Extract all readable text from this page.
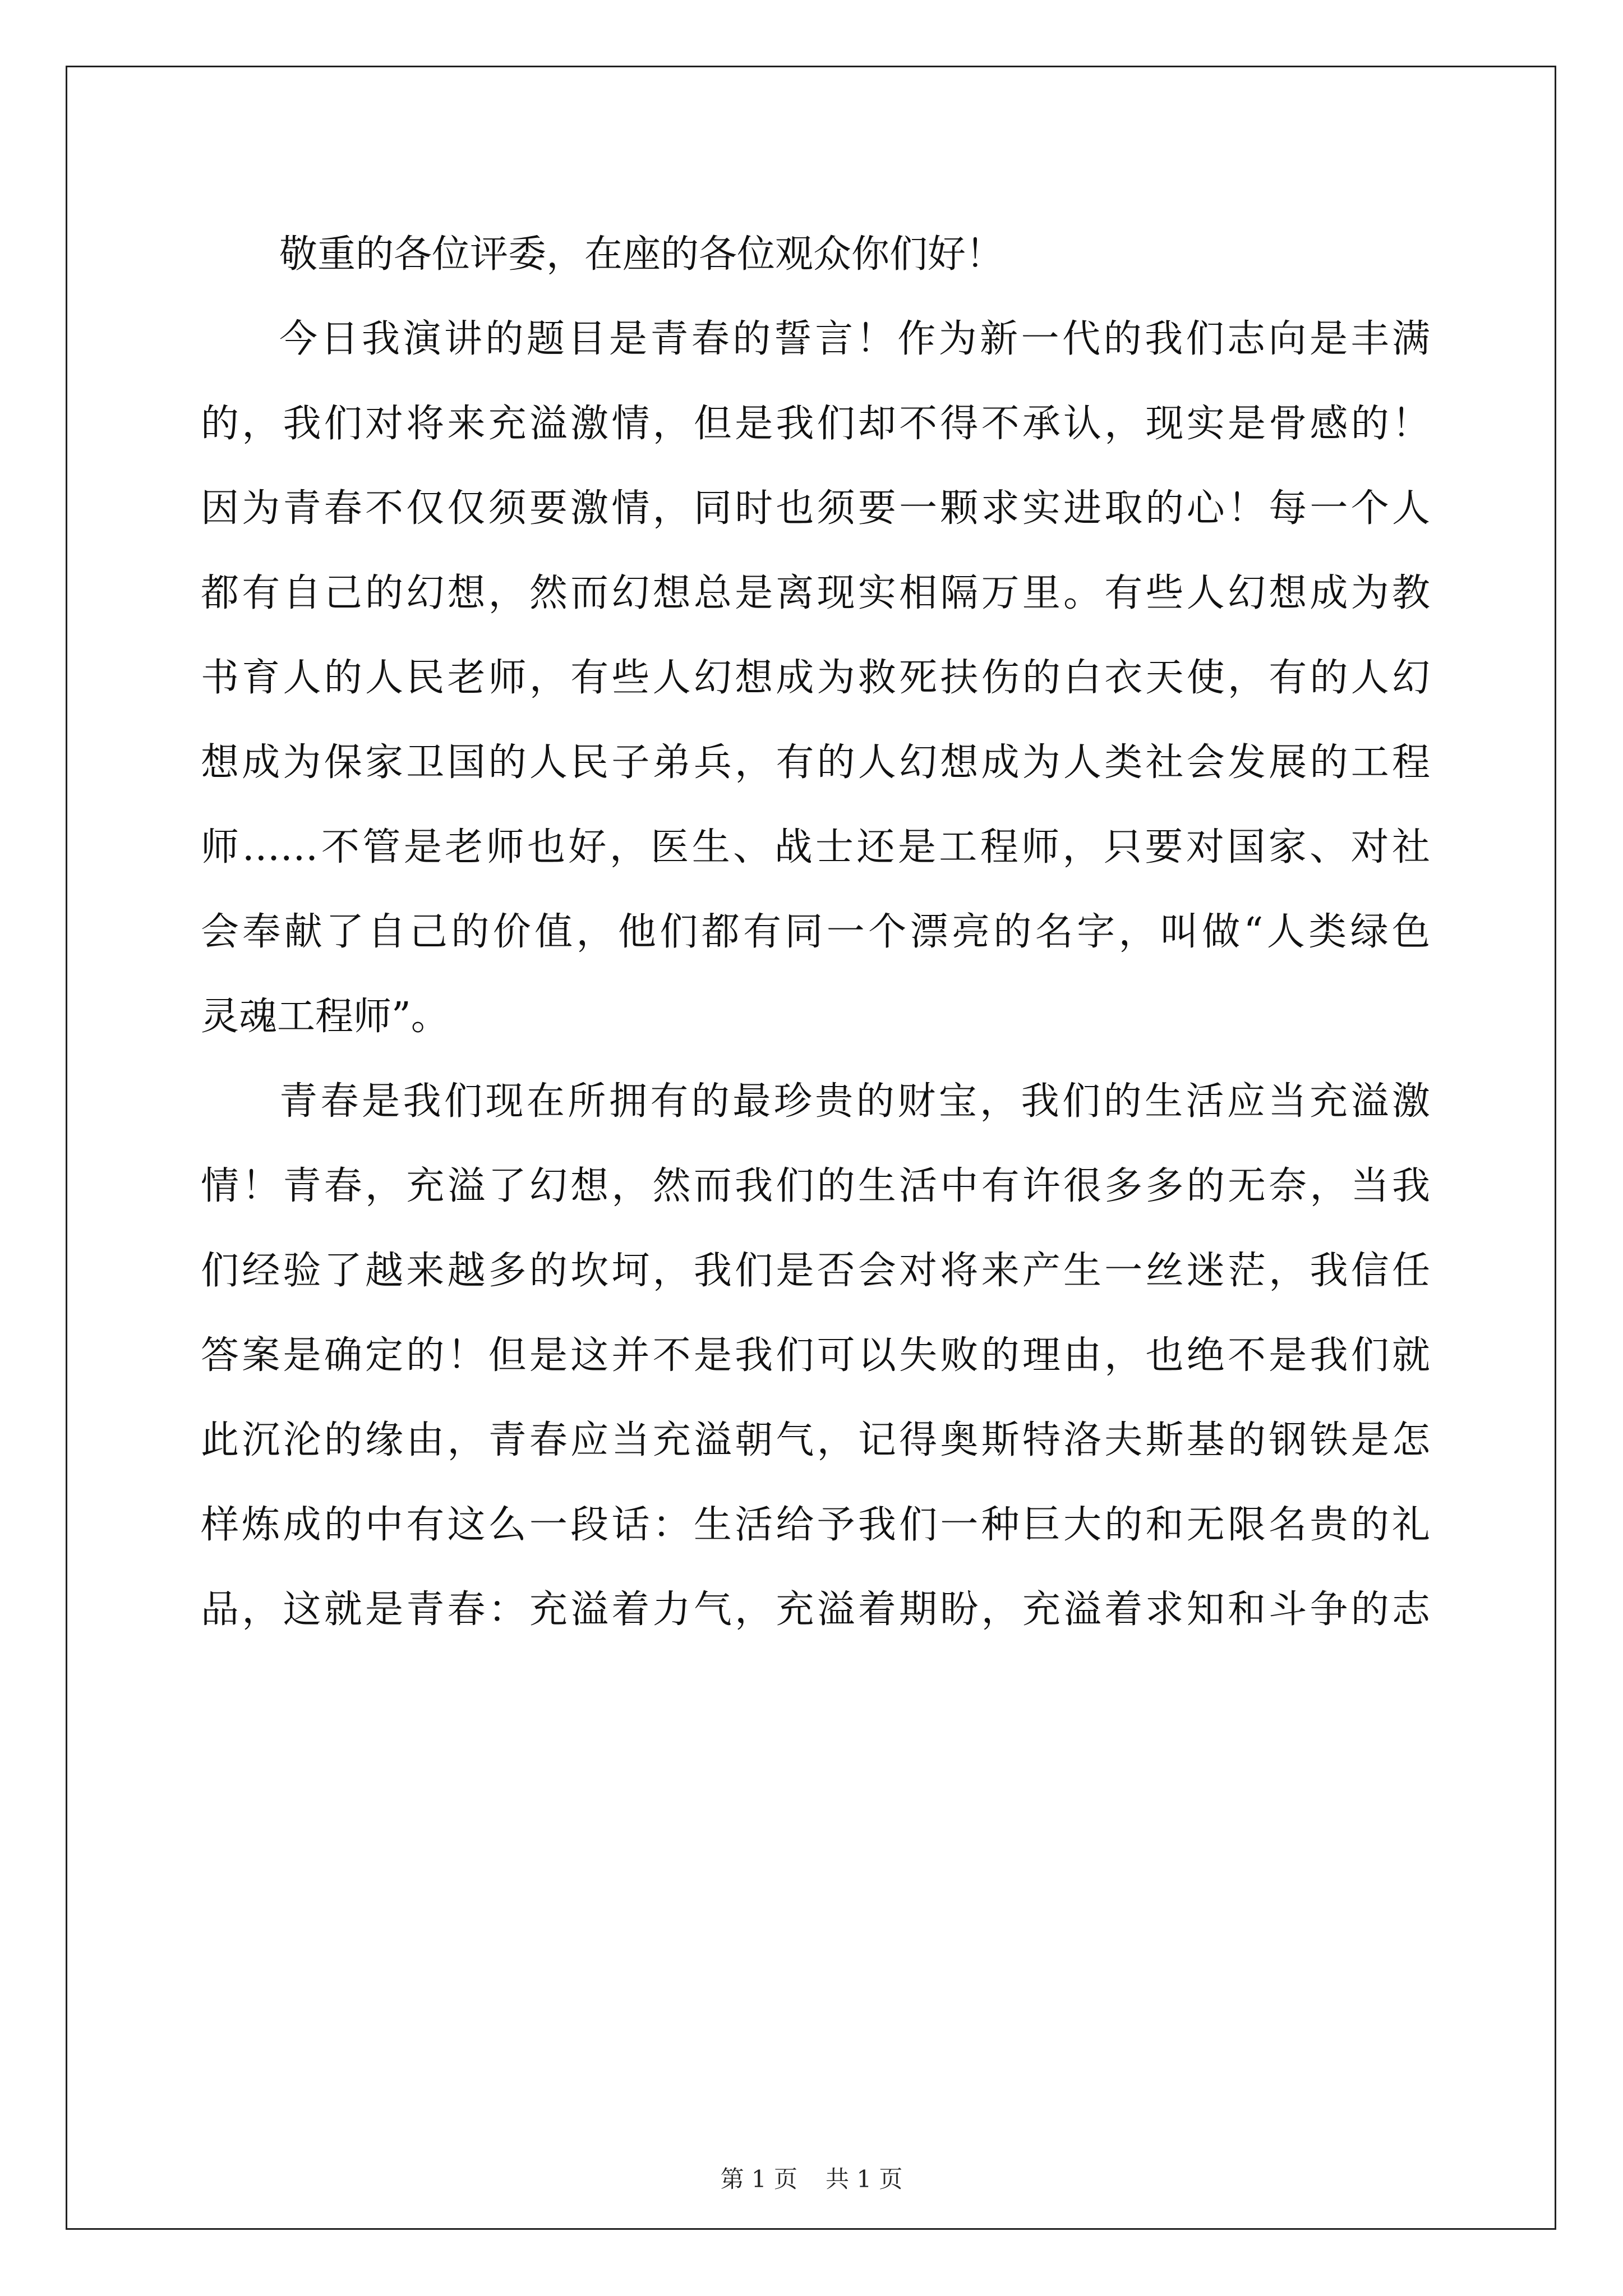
敬重的各位评委，在座的各位观众你们好！
今日我演讲的题目是青春的誓言！作为新一代的我们志向是丰满
的，我们对将来充溢激情，但是我们却不得不承认，现实是骨感的！
因为青春不仅仅须要激情，同时也须要一颗求实进取的心！每一个人
都有自己的幻想，然而幻想总是离现实相隔万里。有些人幻想成为教
书育人的人民老师，有些人幻想成为救死扶伤的白衣天使，有的人幻
想成为保家卫国的人民子弟兵，有的人幻想成为人类社会发展的工程
师……不管是老师也好，医生、战士还是工程师，只要对国家、对社
会奉献了自己的价值，他们都有同一个漂亮的名字，叫做“人类绿色
灵魂工程师”。
青春是我们现在所拥有的最珍贵的财宝，我们的生活应当充溢激
情！青春，充溢了幻想，然而我们的生活中有许很多多的无奈，当我
们经验了越来越多的坎坷，我们是否会对将来产生一丝迷茫，我信任
答案是确定的！但是这并不是我们可以失败的理由，也绝不是我们就
此沉沦的缘由，青春应当充溢朝气，记得奥斯特洛夫斯基的钢铁是怎
样炼成的中有这么一段话：生活给予我们一种巨大的和无限名贵的礼
品，这就是青春：充溢着力气，充溢着期盼，充溢着求知和斗争的志
第 1 页 共 1 页
